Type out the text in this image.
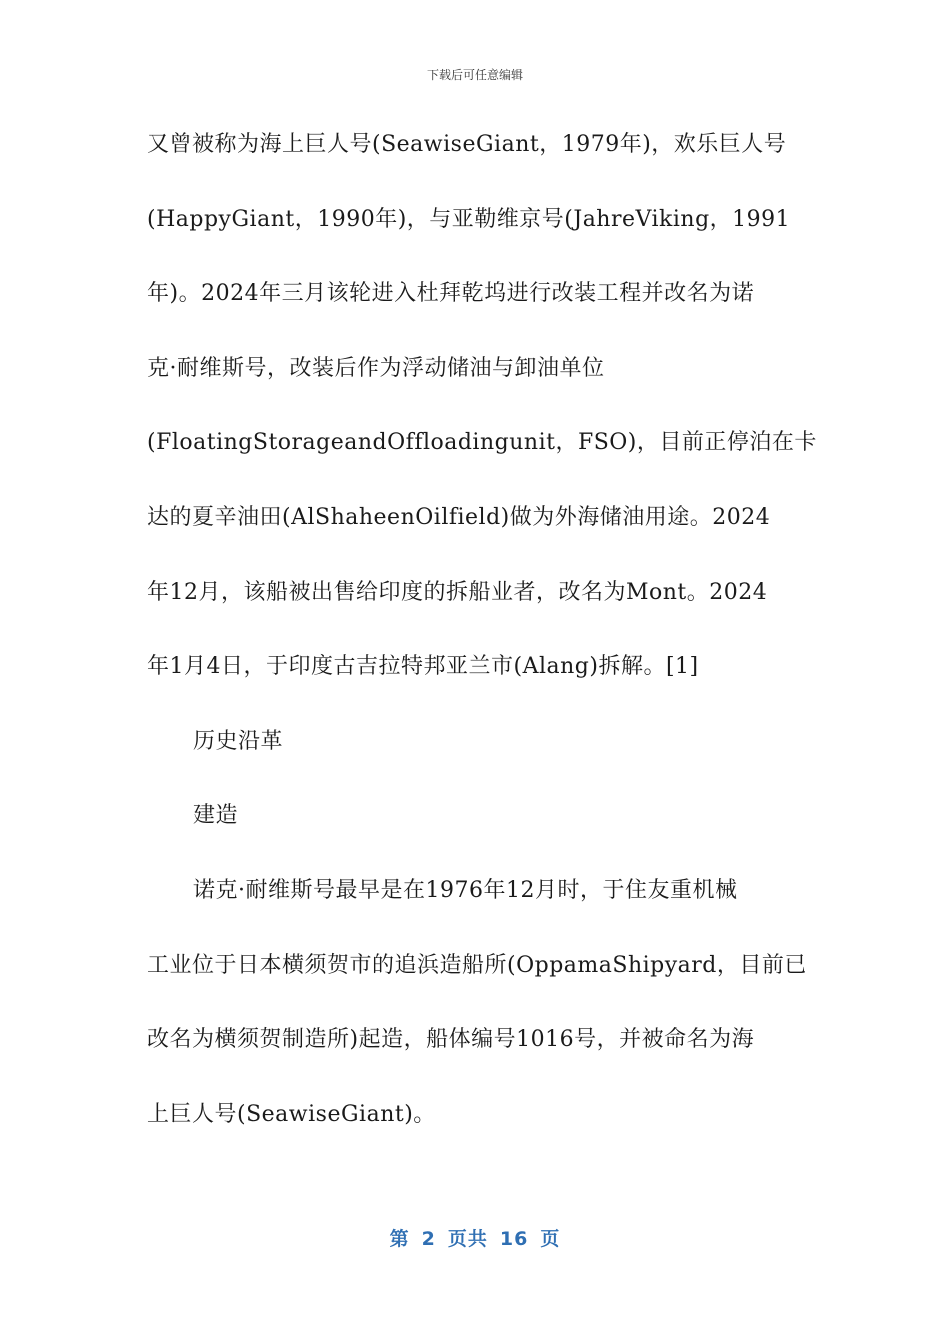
下载后可任意编辑
又曾被称为海上巨人号(SeawiseGiant，1979年)，欢乐巨人号
(HappyGiant，1990年)，与亚勒维京号(JahreViking，1991
年)。2024年三月该轮进入杜拜乾坞进行改装工程并改名为诺
克·耐维斯号，改装后作为浮动储油与卸油单位
(FloatingStorageandOffloadingunit，FSO)，目前正停泊在卡
达的夏辛油田(AlShaheenOilfield)做为外海储油用途。2024
年12月，该船被出售给印度的拆船业者，改名为Mont。2024
年1月4日，于印度古吉拉特邦亚兰市(Alang)拆解。[1]
历史沿革
建造
诺克·耐维斯号最早是在1976年12月时，于住友重机械
工业位于日本横须贺市的追浜造船所(OppamaShipyard，目前已
改名为横须贺制造所)起造，船体编号1016号，并被命名为海
上巨人号(SeawiseGiant)。
第 2 页共 16 页
